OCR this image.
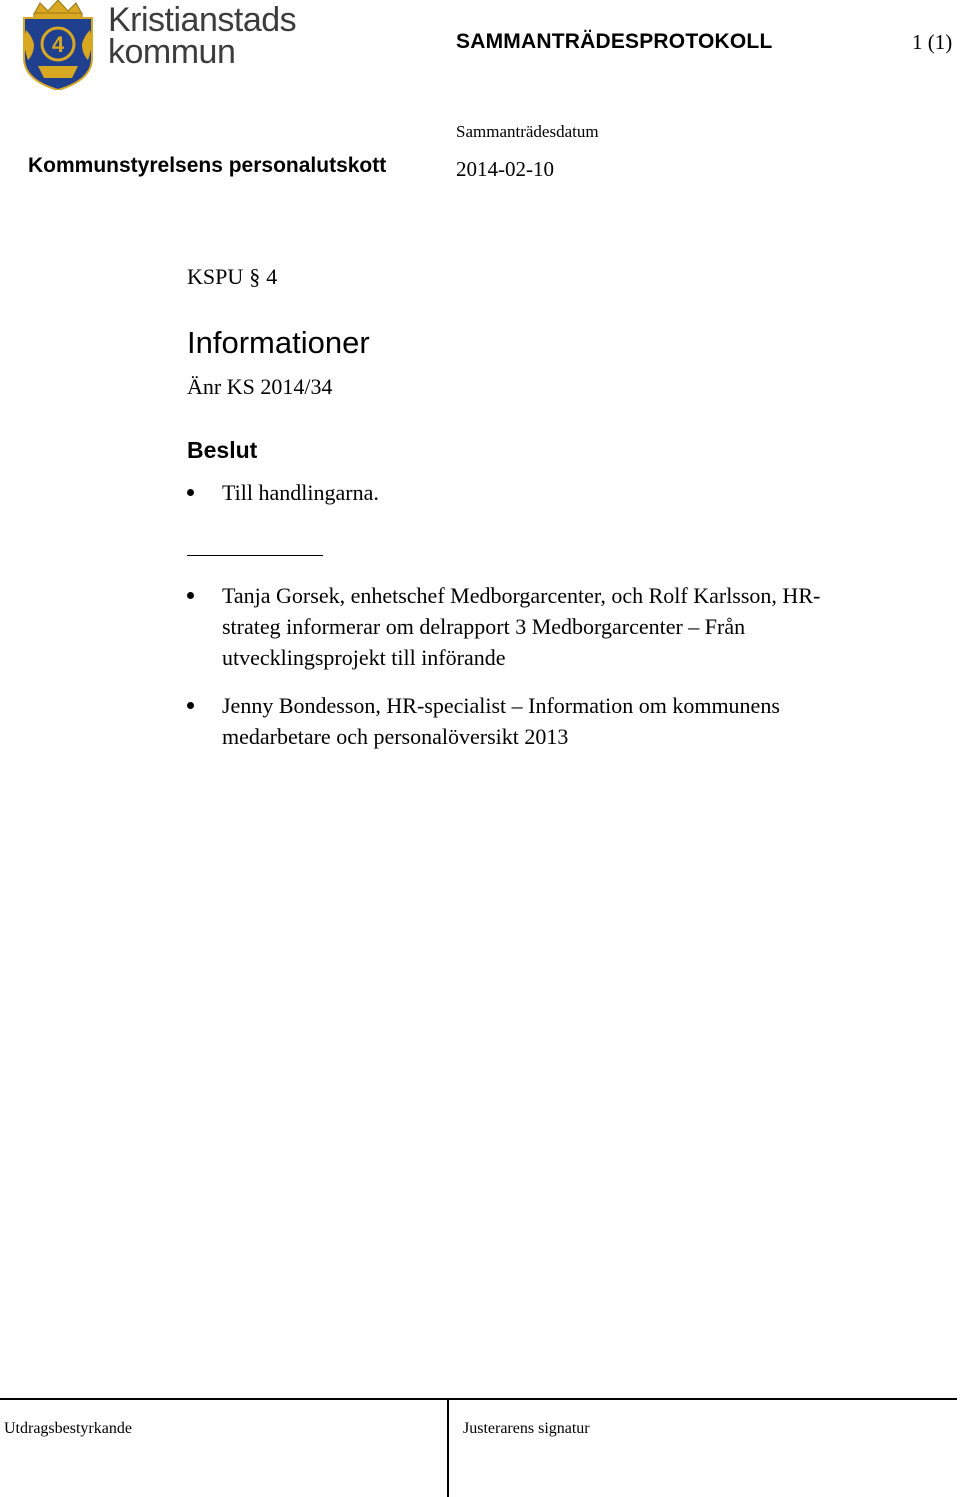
4
Kristianstads
kommun	SAMMANTRÄDESPROTOKOLL	1 (1)
Kommunstyrelsens personalutskott
Sammanträdesdatum
2014-02-10
KSPU § 4
Informationer
Änr KS 2014/34
Beslut
Till handlingarna.
Tanja Gorsek, enhetschef Medborgarcenter, och Rolf Karlsson, HR-strateg informerar om delrapport 3 Medborgarcenter – Från utvecklingsprojekt till införande
Jenny Bondesson, HR-specialist – Information om kommunens medarbetare och personalöversikt 2013
Utdragsbestyrkande	Justerarens signatur
